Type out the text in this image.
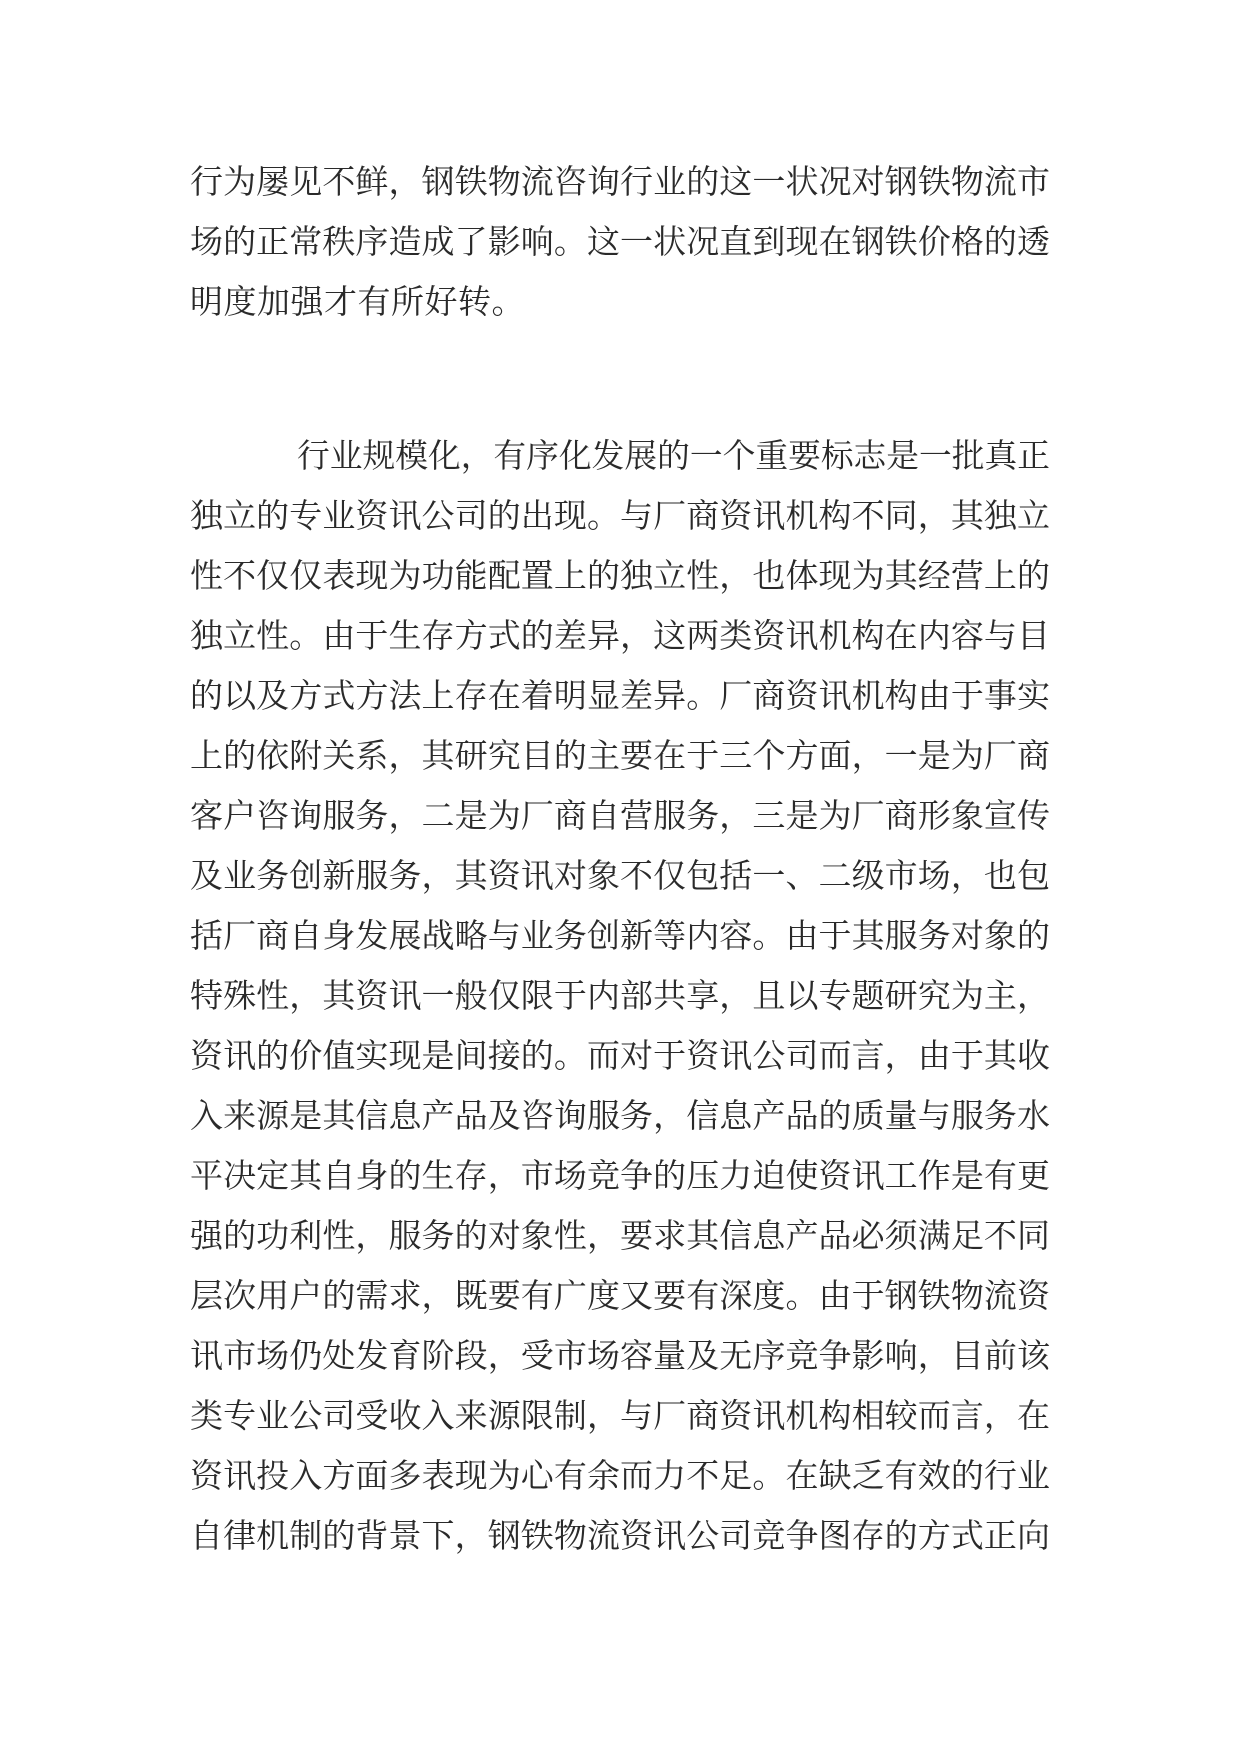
行为屡见不鲜，钢铁物流咨询行业的这一状况对钢铁物流市
场的正常秩序造成了影响。这一状况直到现在钢铁价格的透
明度加强才有所好转。
行业规模化，有序化发展的一个重要标志是一批真正
独立的专业资讯公司的出现。与厂商资讯机构不同，其独立
性不仅仅表现为功能配置上的独立性，也体现为其经营上的
独立性。由于生存方式的差异，这两类资讯机构在内容与目
的以及方式方法上存在着明显差异。厂商资讯机构由于事实
上的依附关系，其研究目的主要在于三个方面，一是为厂商
客户咨询服务，二是为厂商自营服务，三是为厂商形象宣传
及业务创新服务，其资讯对象不仅包括一、二级市场，也包
括厂商自身发展战略与业务创新等内容。由于其服务对象的
特殊性，其资讯一般仅限于内部共享，且以专题研究为主，
资讯的价值实现是间接的。而对于资讯公司而言，由于其收
入来源是其信息产品及咨询服务，信息产品的质量与服务水
平决定其自身的生存，市场竞争的压力迫使资讯工作是有更
强的功利性，服务的对象性，要求其信息产品必须满足不同
层次用户的需求，既要有广度又要有深度。由于钢铁物流资
讯市场仍处发育阶段，受市场容量及无序竞争影响，目前该
类专业公司受收入来源限制，与厂商资讯机构相较而言，在
资讯投入方面多表现为心有余而力不足。在缺乏有效的行业
自律机制的背景下，钢铁物流资讯公司竞争图存的方式正向
